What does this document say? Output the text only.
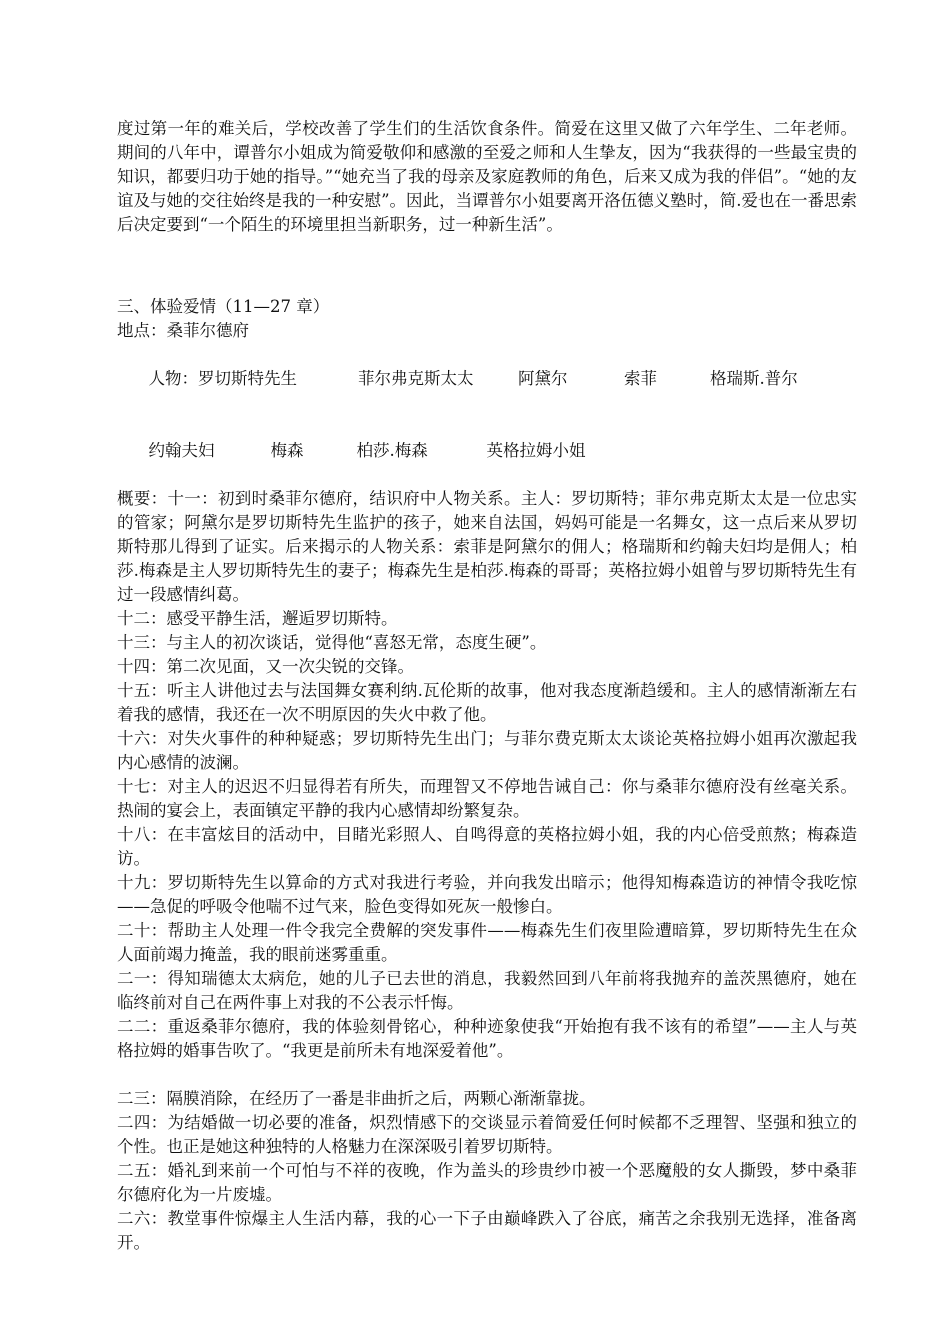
度过第一年的难关后，学校改善了学生们的生活饮食条件。简爱在这里又做了六年学生、二年老师。期间的八年中，谭普尔小姐成为简爱敬仰和感激的至爱之师和人生挚友，因为“我获得的一些最宝贵的知识，都要归功于她的指导。”“她充当了我的母亲及家庭教师的角色，后来又成为我的伴侣”。“她的友谊及与她的交往始终是我的一种安慰”。因此，当谭普尔小姐要离开洛伍德义塾时，简.爱也在一番思索后决定要到“一个陌生的环境里担当新职务，过一种新生活”。

三、体验爱情（11—27 章）

地点：桑菲尔德府

人物：罗切斯特先生	菲尔弗克斯太太	阿黛尔	索菲	格瑞斯.普尔

约翰夫妇	梅森	柏莎.梅森	英格拉姆小姐

概要：十一：初到时桑菲尔德府，结识府中人物关系。主人：罗切斯特；菲尔弗克斯太太是一位忠实的管家；阿黛尔是罗切斯特先生监护的孩子，她来自法国，妈妈可能是一名舞女，这一点后来从罗切斯特那儿得到了证实。后来揭示的人物关系：索菲是阿黛尔的佣人；格瑞斯和约翰夫妇均是佣人；柏莎.梅森是主人罗切斯特先生的妻子；梅森先生是柏莎.梅森的哥哥；英格拉姆小姐曾与罗切斯特先生有过一段感情纠葛。

十二：感受平静生活，邂逅罗切斯特。

十三：与主人的初次谈话，觉得他“喜怒无常，态度生硬”。

十四：第二次见面，又一次尖锐的交锋。

十五：听主人讲他过去与法国舞女赛利纳.瓦伦斯的故事，他对我态度渐趋缓和。主人的感情渐渐左右着我的感情，我还在一次不明原因的失火中救了他。

十六：对失火事件的种种疑惑；罗切斯特先生出门；与菲尔费克斯太太谈论英格拉姆小姐再次激起我内心感情的波澜。

十七：对主人的迟迟不归显得若有所失，而理智又不停地告诫自己：你与桑菲尔德府没有丝毫关系。热闹的宴会上，表面镇定平静的我内心感情却纷繁复杂。

十八：在丰富炫目的活动中，目睹光彩照人、自鸣得意的英格拉姆小姐，我的内心倍受煎熬；梅森造访。

十九：罗切斯特先生以算命的方式对我进行考验，并向我发出暗示；他得知梅森造访的神情令我吃惊——急促的呼吸令他喘不过气来，脸色变得如死灰一般惨白。

二十：帮助主人处理一件令我完全费解的突发事件——梅森先生们夜里险遭暗算，罗切斯特先生在众人面前竭力掩盖，我的眼前迷雾重重。

二一：得知瑞德太太病危，她的儿子已去世的消息，我毅然回到八年前将我抛弃的盖茨黑德府，她在临终前对自己在两件事上对我的不公表示忏悔。

二二：重返桑菲尔德府，我的体验刻骨铭心，种种迹象使我“开始抱有我不该有的希望”——主人与英格拉姆的婚事告吹了。“我更是前所未有地深爱着他”。

二三：隔膜消除，在经历了一番是非曲折之后，两颗心渐渐靠拢。

二四：为结婚做一切必要的准备，炽烈情感下的交谈显示着简爱任何时候都不乏理智、坚强和独立的个性。也正是她这种独特的人格魅力在深深吸引着罗切斯特。

二五：婚礼到来前一个可怕与不祥的夜晚，作为盖头的珍贵纱巾被一个恶魔般的女人撕毁，梦中桑菲尔德府化为一片废墟。

二六：教堂事件惊爆主人生活内幕，我的心一下子由巅峰跌入了谷底，痛苦之余我别无选择，准备离开。
